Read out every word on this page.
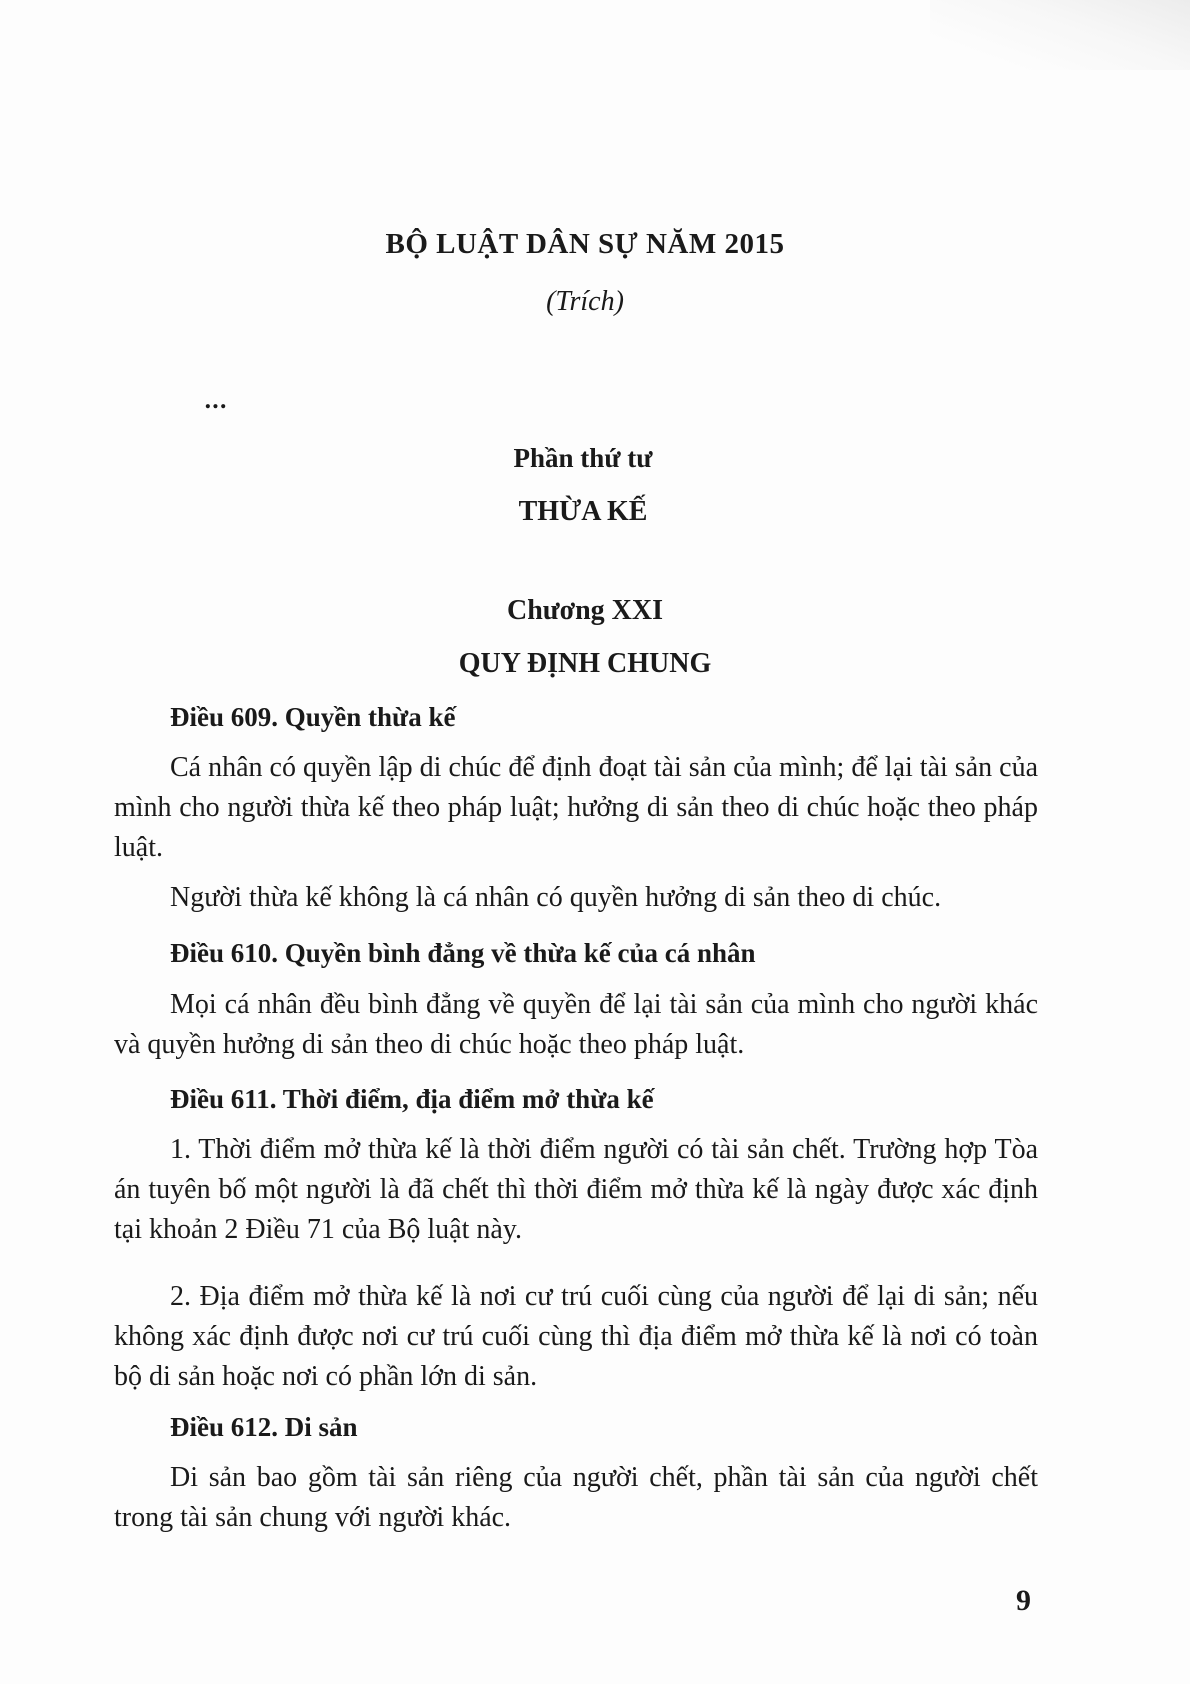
BỘ LUẬT DÂN SỰ NĂM 2015
(Trích)
...
Phần thứ tư
THỪA KẾ
Chương XXI
QUY ĐỊNH CHUNG
Điều 609. Quyền thừa kế
Cá nhân có quyền lập di chúc để định đoạt tài sản của mình; để lại tài sản của mình cho người thừa kế theo pháp luật; hưởng di sản theo di chúc hoặc theo pháp luật.
Người thừa kế không là cá nhân có quyền hưởng di sản theo di chúc.
Điều 610. Quyền bình đẳng về thừa kế của cá nhân
Mọi cá nhân đều bình đẳng về quyền để lại tài sản của mình cho người khác và quyền hưởng di sản theo di chúc hoặc theo pháp luật.
Điều 611. Thời điểm, địa điểm mở thừa kế
1. Thời điểm mở thừa kế là thời điểm người có tài sản chết. Trường hợp Tòa án tuyên bố một người là đã chết thì thời điểm mở thừa kế là ngày được xác định tại khoản 2 Điều 71 của Bộ luật này.
2. Địa điểm mở thừa kế là nơi cư trú cuối cùng của người để lại di sản; nếu không xác định được nơi cư trú cuối cùng thì địa điểm mở thừa kế là nơi có toàn bộ di sản hoặc nơi có phần lớn di sản.
Điều 612. Di sản
Di sản bao gồm tài sản riêng của người chết, phần tài sản của người chết trong tài sản chung với người khác.
9
